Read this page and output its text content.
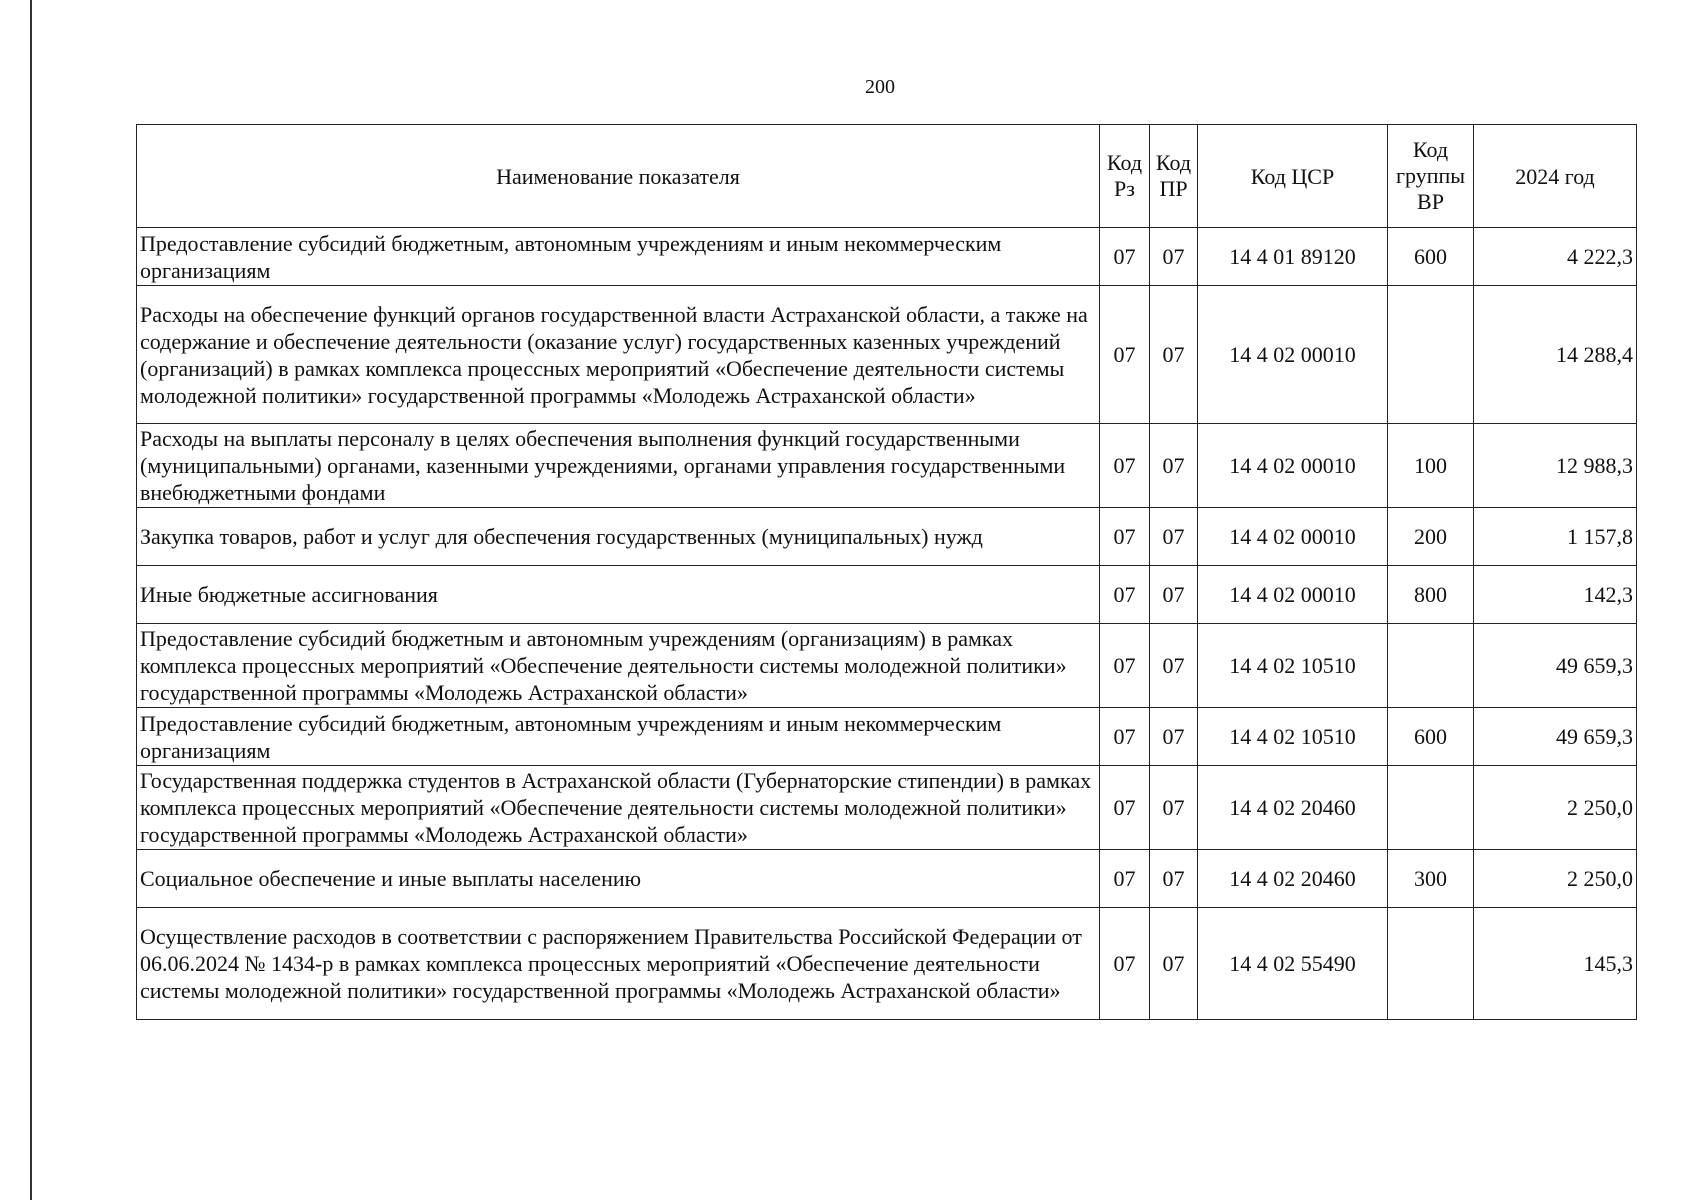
200
Наименование показателя	Код Рз	Код ПР	Код ЦСР	Код группы ВР	2024 год
Предоставление субсидий бюджетным, автономным учреждениям и иным некоммерческим организациям	07	07	14 4 01 89120	600	4 222,3
Расходы на обеспечение функций органов государственной власти Астраханской области, а также на содержание и обеспечение деятельности (оказание услуг) государственных казенных учреждений (организаций) в рамках комплекса процессных мероприятий «Обеспечение деятельности системы молодежной политики» государственной программы «Молодежь Астраханской области»	07	07	14 4 02 00010		14 288,4
Расходы на выплаты персоналу в целях обеспечения выполнения функций государственными (муниципальными) органами, казенными учреждениями, органами управления государственными внебюджетными фондами	07	07	14 4 02 00010	100	12 988,3
Закупка товаров, работ и услуг для обеспечения государственных (муниципальных) нужд	07	07	14 4 02 00010	200	1 157,8
Иные бюджетные ассигнования	07	07	14 4 02 00010	800	142,3
Предоставление субсидий бюджетным и автономным учреждениям (организациям) в рамках комплекса процессных мероприятий «Обеспечение деятельности системы молодежной политики» государственной программы «Молодежь Астраханской области»	07	07	14 4 02 10510		49 659,3
Предоставление субсидий бюджетным, автономным учреждениям и иным некоммерческим организациям	07	07	14 4 02 10510	600	49 659,3
Государственная поддержка студентов в Астраханской области (Губернаторские стипендии) в рамках комплекса процессных мероприятий «Обеспечение деятельности системы молодежной политики» государственной программы «Молодежь Астраханской области»	07	07	14 4 02 20460		2 250,0
Социальное обеспечение и иные выплаты населению	07	07	14 4 02 20460	300	2 250,0
Осуществление расходов в соответствии с распоряжением Правительства Российской Федерации от 06.06.2024 № 1434-р в рамках комплекса процессных мероприятий «Обеспечение деятельности системы молодежной политики» государственной программы «Молодежь Астраханской области»	07	07	14 4 02 55490		145,3
